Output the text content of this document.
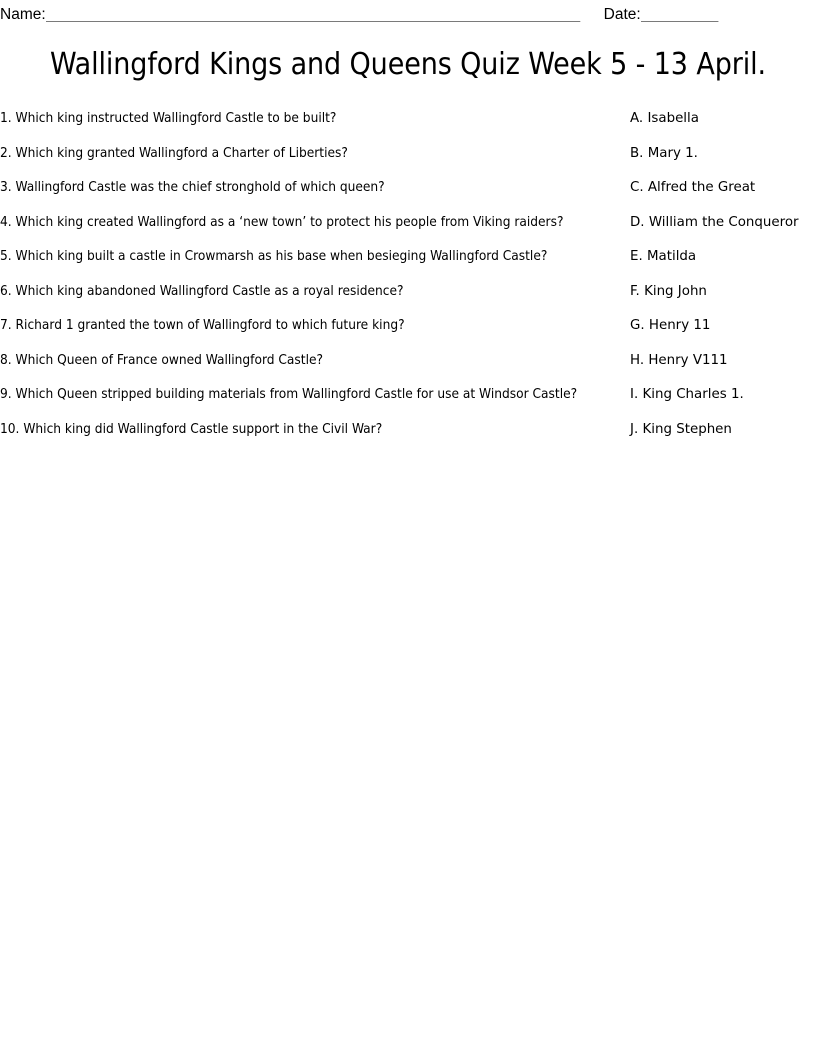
Name: ______________________________________________________________	Date: _________
Wallingford Kings and Queens Quiz Week 5 - 13 April.
1. Which king instructed Wallingford Castle to be built?	A. Isabella
2. Which king granted Wallingford a Charter of Liberties?	B. Mary 1.
3. Wallingford Castle was the chief stronghold of which queen?	C. Alfred the Great
4. Which king created Wallingford as a ‘new town’ to protect his people from Viking raiders?	D. William the Conqueror
5. Which king built a castle in Crowmarsh as his base when besieging Wallingford Castle?	E. Matilda
6. Which king abandoned Wallingford Castle as a royal residence?	F. King John
7. Richard 1 granted the town of Wallingford to which future king?	G. Henry 11
8. Which Queen of France owned Wallingford Castle?	H. Henry V111
9. Which Queen stripped building materials from Wallingford Castle for use at Windsor Castle?	I. King Charles 1.
10. Which king did Wallingford Castle support in the Civil War?	J. King Stephen
